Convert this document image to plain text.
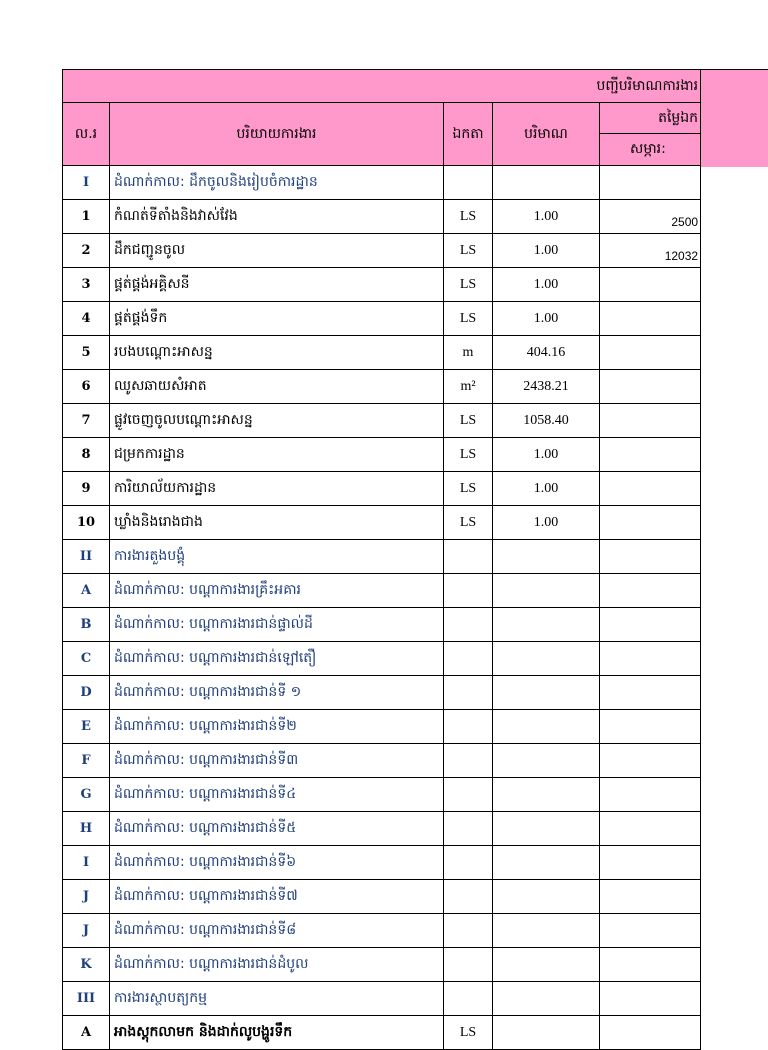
បញ្ជីបរិមាណការងារ				
ល.រ	បរិយាយការងារ	ឯកតា	បរិមាណ	តម្លៃឯក
				សម្ភារ:
I	ដំណាក់កាល: ដឹកចូលនិងរៀបចំការដ្ឋាន			
1	កំណត់ទីតាំងនិងវាស់វែង	LS	1.00	2500
2	ដឹកជញ្ជូនចូល	LS	1.00	12032
3	ផ្គត់ផ្គង់អគ្គិសនី	LS	1.00	
4	ផ្គត់ផ្គង់ទឹក	LS	1.00	
5	របងបណ្ដោះអាសន្ន	m	404.16	
6	ឈូសឆាយសំអាត	m²	2438.21	
7	ផ្លូវចេញចូលបណ្ដោះអាសន្ន	LS	1058.40	
8	ជម្រកការដ្ឋាន	LS	1.00	
9	ការិយាល័យការដ្ឋាន	LS	1.00	
10	ឃ្លាំងនិងរោងជាង	LS	1.00	
II	ការងារតួងបង្គុំ			
A	ដំណាក់កាល: បណ្ដាការងារគ្រឹះអគារ			
B	ដំណាក់កាល: បណ្ដាការងារជាន់ផ្ទាល់ដី			
C	ដំណាក់កាល: បណ្ដាការងារជាន់ឡៅតឿ			
D	ដំណាក់កាល: បណ្ដាការងារជាន់ទី ១			
E	ដំណាក់កាល: បណ្ដាការងារជាន់ទី២			
F	ដំណាក់កាល: បណ្ដាការងារជាន់ទី៣			
G	ដំណាក់កាល: បណ្ដាការងារជាន់ទី៤			
H	ដំណាក់កាល: បណ្ដាការងារជាន់ទី៥			
I	ដំណាក់កាល: បណ្ដាការងារជាន់ទី៦			
J	ដំណាក់កាល: បណ្ដាការងារជាន់ទី៧			
J	ដំណាក់កាល: បណ្ដាការងារជាន់ទី៨			
K	ដំណាក់កាល: បណ្ដាការងារជាន់ដំបូល			
III	ការងារស្ថាបត្យកម្ម			
A	អាងស្តុកលាមក និងដាក់លូបង្ហូរទឹក	LS		
